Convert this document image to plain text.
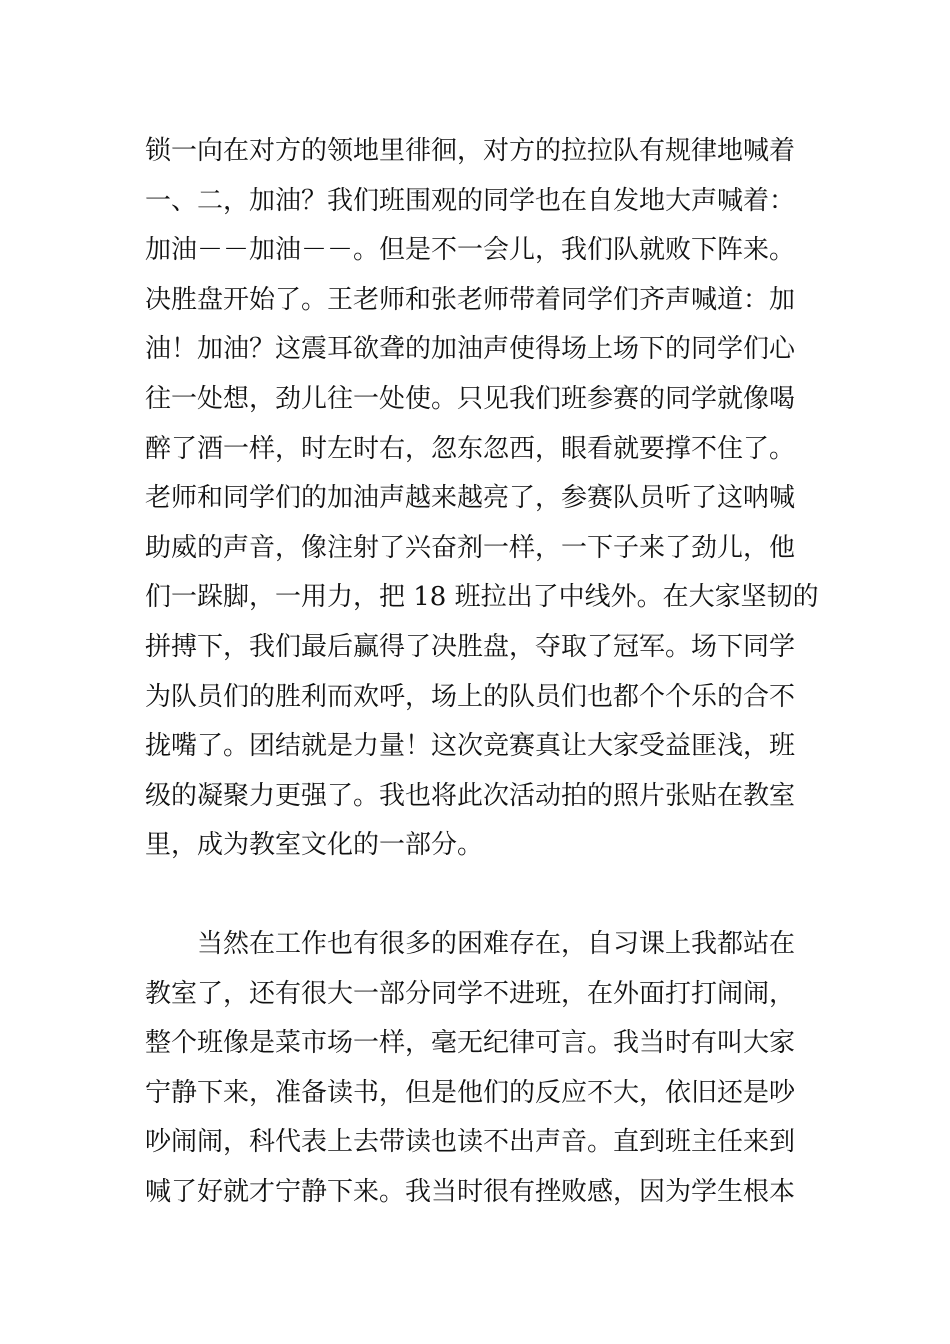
锁一向在对方的领地里徘徊，对方的拉拉队有规律地喊着
一、二，加油？我们班围观的同学也在自发地大声喊着：
加油－－加油－－。但是不一会儿，我们队就败下阵来。
决胜盘开始了。王老师和张老师带着同学们齐声喊道：加
油！加油？这震耳欲聋的加油声使得场上场下的同学们心
往一处想，劲儿往一处使。只见我们班参赛的同学就像喝
醉了酒一样，时左时右，忽东忽西，眼看就要撑不住了。
老师和同学们的加油声越来越亮了，参赛队员听了这呐喊
助威的声音，像注射了兴奋剂一样，一下子来了劲儿，他
们一跺脚，一用力，把 18 班拉出了中线外。在大家坚韧的
拼搏下，我们最后赢得了决胜盘，夺取了冠军。场下同学
为队员们的胜利而欢呼，场上的队员们也都个个乐的合不
拢嘴了。团结就是力量！这次竞赛真让大家受益匪浅，班
级的凝聚力更强了。我也将此次活动拍的照片张贴在教室
里，成为教室文化的一部分。
当然在工作也有很多的困难存在，自习课上我都站在
教室了，还有很大一部分同学不进班，在外面打打闹闹，
整个班像是菜市场一样，毫无纪律可言。我当时有叫大家
宁静下来，准备读书，但是他们的反应不大，依旧还是吵
吵闹闹，科代表上去带读也读不出声音。直到班主任来到
喊了好就才宁静下来。我当时很有挫败感，因为学生根本
